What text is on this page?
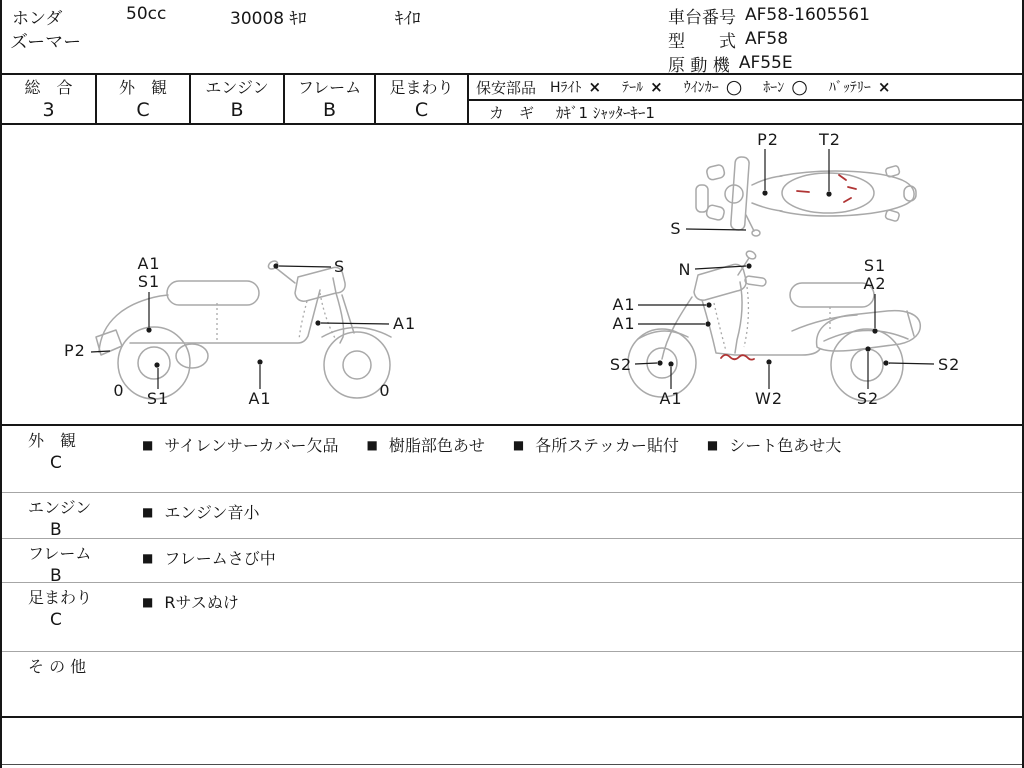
ホンダ	50cc	30008 ｷﾛ	ｷｲﾛ
ズーマー
車台番号 AF58-1605561
型　　式 AF58
原 動 機 AF55E
総　合
3
外　観
C
エンジン
B
フレーム
B
足まわり
C
保安部品 Hﾗｲﾄ × ﾃｰﾙ × ｳｲﾝｶｰ ○ ﾎｰﾝ ○ ﾊﾞｯﾃﾘｰ ×
カ　ギ ｶｷﾞ1 ｼｬｯﾀｰｷｰ1
P2	T2
S
A1
S1
S
A1
P2
0 S1	A1	0
N
A1
A1
S1
A2
S2
A1	W2	S2
S2
外　観
C
■ サイレンサーカバー欠品 ■ 樹脂部色あせ ■ 各所ステッカー貼付 ■ シート色あせ大
エンジン
B
■ エンジン音小
フレーム
B
■ フレームさび中
足まわり
C
■ Rサスぬけ
そ の 他
